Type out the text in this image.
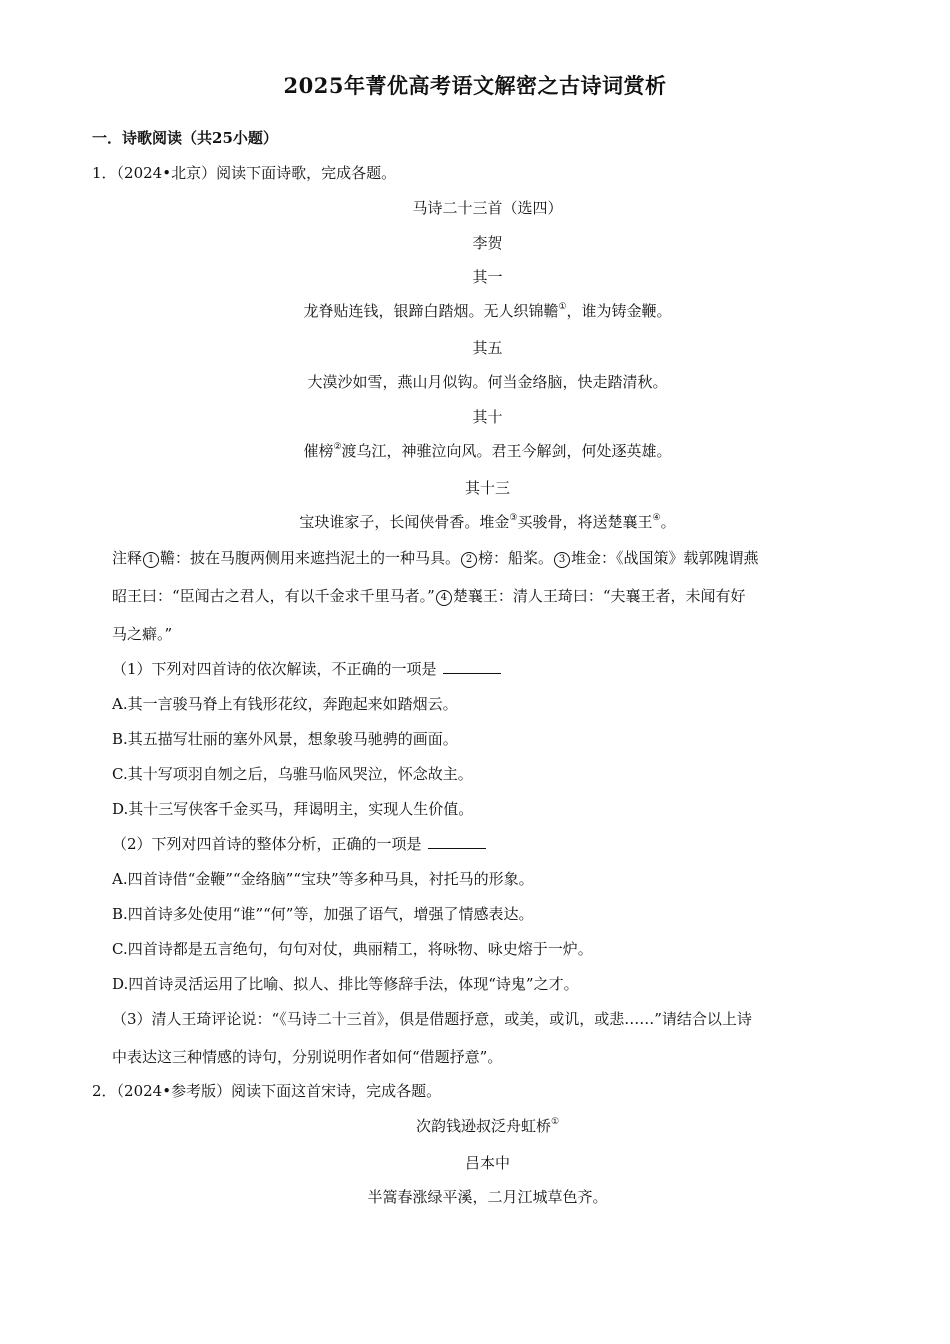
2025年菁优高考语文解密之古诗词赏析
一．诗歌阅读（共25小题）
1．（2024•北京）阅读下面诗歌，完成各题。
马诗二十三首（选四）
李贺
其一
龙脊贴连钱，银蹄白踏烟。无人织锦韂①，谁为铸金鞭。
其五
大漠沙如雪，燕山月似钩。何当金络脑，快走踏清秋。
其十
催榜②渡乌江，神骓泣向风。君王今解剑，何处逐英雄。
其十三
宝玦谁家子，长闻侠骨香。堆金③买骏骨，将送楚襄王④。
注释 1 韂：披在马腹两侧用来遮挡泥土的一种马具。 2 榜：船桨。 3 堆金：《战国策》载郭隗谓燕
昭王曰：“臣闻古之君人，有以千金求千里马者。” 4 楚襄王：清人王琦曰：“夫襄王者，未闻有好
马之癖。”
（1）下列对四首诗的依次解读，不正确的一项是
A.其一言骏马脊上有钱形花纹，奔跑起来如踏烟云。
B.其五描写壮丽的塞外风景，想象骏马驰骋的画面。
C.其十写项羽自刎之后，乌骓马临风哭泣，怀念故主。
D.其十三写侠客千金买马，拜谒明主，实现人生价值。
（2）下列对四首诗的整体分析，正确的一项是
A.四首诗借“金鞭”“金络脑”“宝玦”等多种马具，衬托马的形象。
B.四首诗多处使用“谁”“何”等，加强了语气，增强了情感表达。
C.四首诗都是五言绝句，句句对仗，典丽精工，将咏物、咏史熔于一炉。
D.四首诗灵活运用了比喻、拟人、排比等修辞手法，体现“诗鬼”之才。
（3）清人王琦评论说：“《马诗二十三首》，俱是借题抒意，或美，或讥，或悲……”请结合以上诗
中表达这三种情感的诗句，分别说明作者如何“借题抒意”。
2．（2024•参考版）阅读下面这首宋诗，完成各题。
次韵钱逊叔泛舟虹桥①
吕本中
半篙春涨绿平溪，二月江城草色齐。
